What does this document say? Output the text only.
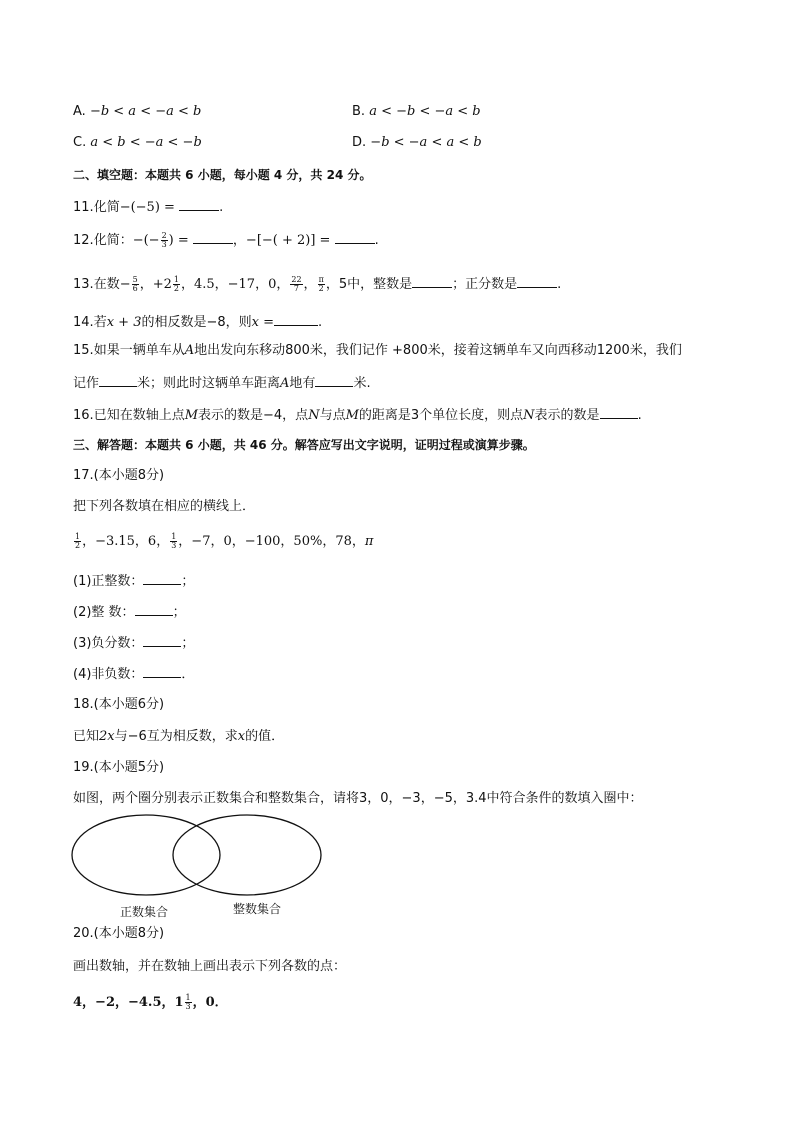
A. −b < a < −a < b	B. a < −b < −a < b
C. a < b < −a < −b	D. −b < −a < a < b
二、填空题：本题共 6 小题，每小题 4 分，共 24 分。
11.化简−(−5) =	.
12.化简：−(− $\frac{2}{3}$ ) =	，−[−( + 2)] =	.
13.在数− $\frac{5}{6}$ ，$+2 \frac{1}{2}$ ，4.5，−17，0， $\frac{22}{7}$ ， $\frac{\pi}{2}$ ，5中，整数是	；正分数是	.
14.若x + 3的相反数是−8，则x =	.
15.如果一辆单车从A地出发向东移动800米，我们记作 +800米，接着这辆单车又向西移动1200米，我们
记作	米；则此时这辆单车距离A地有	米.
16.已知在数轴上点M表示的数是−4，点N与点M的距离是3个单位长度，则点N表示的数是	.
三、解答题：本题共 6 小题，共 46 分。解答应写出文字说明，证明过程或演算步骤。
17.(本小题8分)
把下列各数填在相应的横线上．
$\frac{1}{2}$ ，−3.15，6， $\frac{1}{3}$ ，−7，0，−100，50%，78，π
(1)正整数：	；
(2)整 数：	；
(3)负分数：	；
(4)非负数：	．
18.(本小题6分)
已知2x与−6互为相反数，求x的值．
19.(本小题5分)
如图，两个圈分别表示正数集合和整数集合，请将3，0，−3，−5，3.4中符合条件的数填入圈中：
正数集合	整数集合
20.(本小题8分)
画出数轴，并在数轴上画出表示下列各数的点：
4，−2，−4.5，$1 \frac{1}{3}$ ，0．
